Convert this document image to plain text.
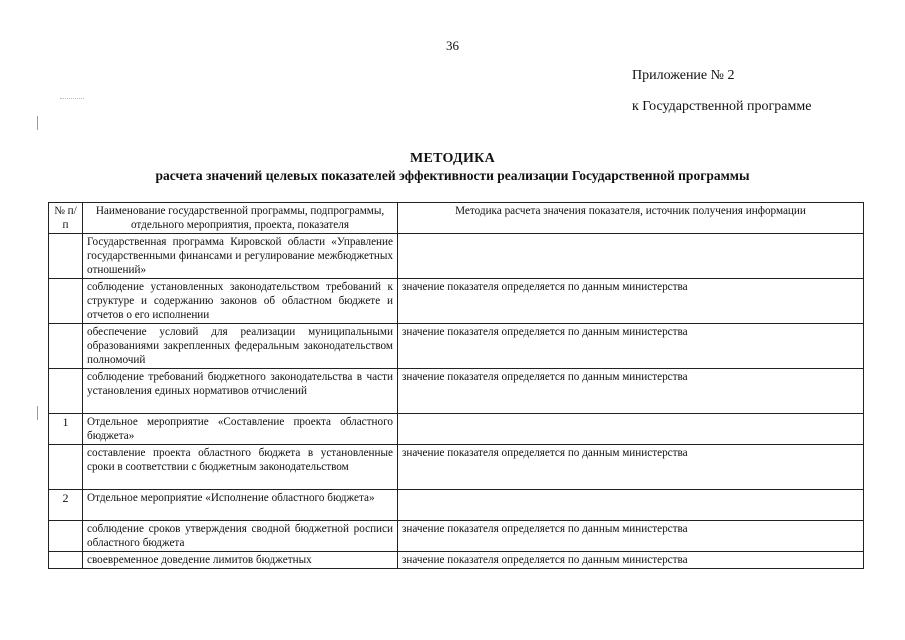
36
Приложение № 2
к Государственной программе
МЕТОДИКА
расчета значений целевых показателей эффективности реализации Государственной программы
№ п/п	Наименование государственной программы, подпрограммы, отдельного мероприятия, проекта, показателя	Методика расчета значения показателя, источник получения информации
	Государственная программа Кировской области «Управление государственными финансами и регулирование межбюджетных отношений»	
	соблюдение установленных законодательством требований к структуре и содержанию законов об областном бюджете и отчетов о его исполнении	значение показателя определяется по данным министерства
	обеспечение условий для реализации муниципальными образованиями закрепленных федеральным законодательством полномочий	значение показателя определяется по данным министерства
	соблюдение требований бюджетного законодательства в части установления единых нормативов отчислений	значение показателя определяется по данным министерства
1	Отдельное мероприятие «Составление проекта областного бюджета»	
	составление проекта областного бюджета в установленные сроки в соответствии с бюджетным законодательством	значение показателя определяется по данным министерства
2	Отдельное мероприятие «Исполнение областного бюджета»	
	соблюдение сроков утверждения сводной бюджетной росписи областного бюджета	значение показателя определяется по данным министерства
	своевременное доведение лимитов бюджетных	значение показателя определяется по данным министерства
